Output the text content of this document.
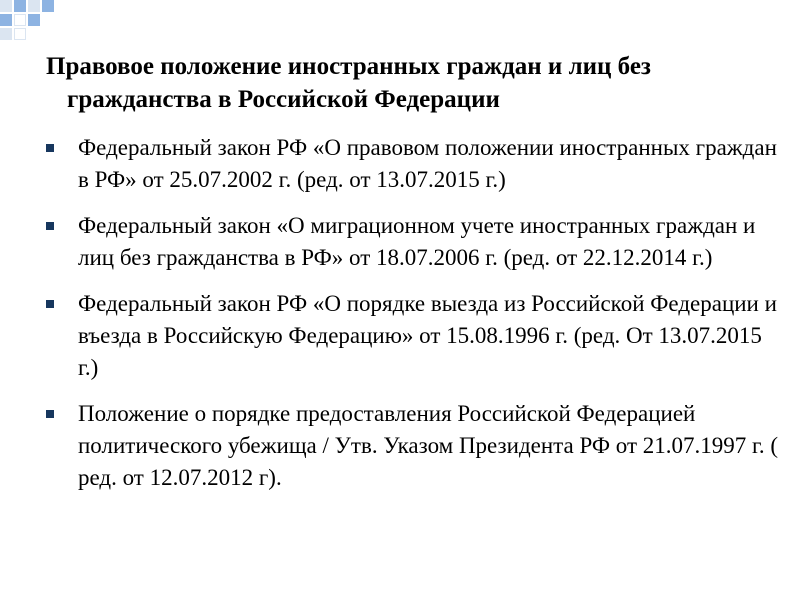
Правовое положение иностранных граждан и лиц без гражданства в Российской Федерации
Федеральный закон РФ «О правовом положении иностранных граждан в РФ» от 25.07.2002 г. (ред. от 13.07.2015 г.)
Федеральный закон «О миграционном учете иностранных граждан и лиц без гражданства в РФ» от 18.07.2006 г. (ред. от 22.12.2014 г.)
Федеральный закон РФ «О порядке выезда из Российской Федерации и въезда в Российскую Федерацию» от 15.08.1996 г. (ред. От 13.07.2015 г.)
Положение о порядке предоставления Российской Федерацией политического убежища / Утв. Указом Президента РФ от 21.07.1997 г. ( ред. от 12.07.2012 г).
